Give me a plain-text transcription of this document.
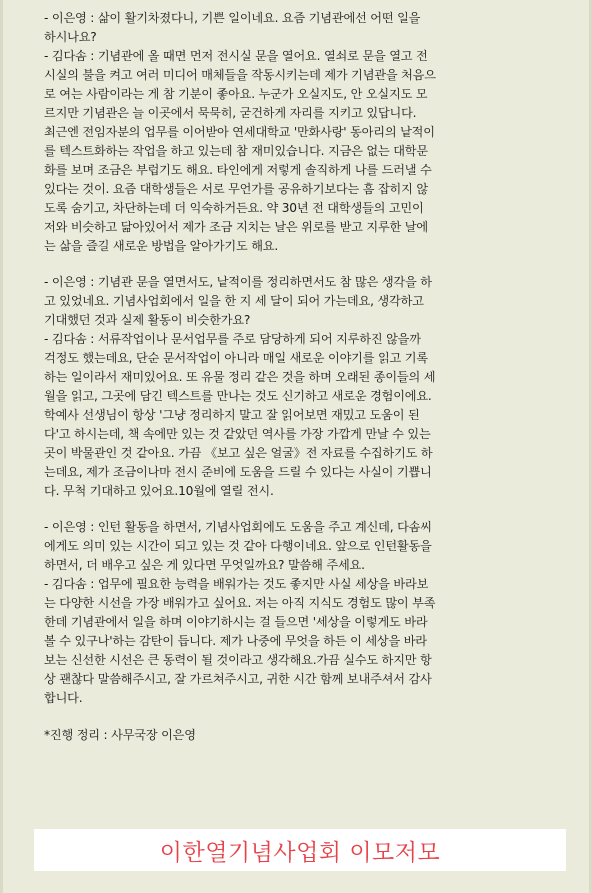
- 이은영 : 삶이 활기차졌다니, 기쁜 일이네요. 요즘 기념관에선 어떤 일을
하시나요?
- 김다솜 : 기념관에 올 때면 먼저 전시실 문을 열어요. 열쇠로 문을 열고 전
시실의 불을 켜고 여러 미디어 매체들을 작동시키는데 제가 기념관을 처음으
로 여는 사람이라는 게 참 기분이 좋아요. 누군가 오실지도, 안 오실지도 모
르지만 기념관은 늘 이곳에서 묵묵히, 굳건하게 자리를 지키고 있답니다.
최근엔 전임자분의 업무를 이어받아 연세대학교 '만화사랑' 동아리의 낱적이
를 텍스트화하는 작업을 하고 있는데 참 재미있습니다. 지금은 없는 대학문
화를 보며 조금은 부럽기도 해요. 타인에게 저렇게 솔직하게 나를 드러낼 수
있다는 것이. 요즘 대학생들은 서로 무언가를 공유하기보다는 흠 잡히지 않
도록 숨기고, 차단하는데 더 익숙하거든요. 약 30년 전 대학생들의 고민이
저와 비슷하고 닮아있어서 제가 조금 지치는 날은 위로를 받고 지루한 날에
는 삶을 즐길 새로운 방법을 알아가기도 해요.
- 이은영 : 기념관 문을 열면서도, 낱적이를 정리하면서도 참 많은 생각을 하
고 있었네요. 기념사업회에서 일을 한 지 세 달이 되어 가는데요, 생각하고
기대했던 것과 실제 활동이 비슷한가요?
- 김다솜 : 서류작업이나 문서업무를 주로 담당하게 되어 지루하진 않을까
걱정도 했는데요, 단순 문서작업이 아니라 매일 새로운 이야기를 읽고 기록
하는 일이라서 재미있어요. 또 유물 정리 같은 것을 하며 오래된 종이들의 세
월을 읽고, 그곳에 담긴 텍스트를 만나는 것도 신기하고 새로운 경험이에요.
학예사 선생님이 항상 '그냥 정리하지 말고 잘 읽어보면 재밌고 도움이 된
다'고 하시는데, 책 속에만 있는 것 같았던 역사를 가장 가깝게 만날 수 있는
곳이 박물관인 것 같아요. 가끔 《보고 싶은 얼굴》전 자료를 수집하기도 하
는데요, 제가 조금이나마 전시 준비에 도움을 드릴 수 있다는 사실이 기쁩니
다. 무척 기대하고 있어요.10월에 열릴 전시.
- 이은영 : 인턴 활동을 하면서, 기념사업회에도 도움을 주고 계신데, 다솜씨
에게도 의미 있는 시간이 되고 있는 것 같아 다행이네요. 앞으로 인턴활동을
하면서, 더 배우고 싶은 게 있다면 무엇일까요? 말씀해 주세요.
- 김다솜 : 업무에 필요한 능력을 배워가는 것도 좋지만 사실 세상을 바라보
는 다양한 시선을 가장 배워가고 싶어요. 저는 아직 지식도 경험도 많이 부족
한데 기념관에서 일을 하며 이야기하시는 걸 들으면 '세상을 이렇게도 바라
볼 수 있구나'하는 감탄이 듭니다. 제가 나중에 무엇을 하든 이 세상을 바라
보는 신선한 시선은 큰 동력이 될 것이라고 생각해요.가끔 실수도 하지만 항
상 괜찮다 말씀해주시고, 잘 가르쳐주시고, 귀한 시간 함께 보내주셔서 감사
합니다.
*진행 정리 : 사무국장 이은영
이한열기념사업회 이모저모
